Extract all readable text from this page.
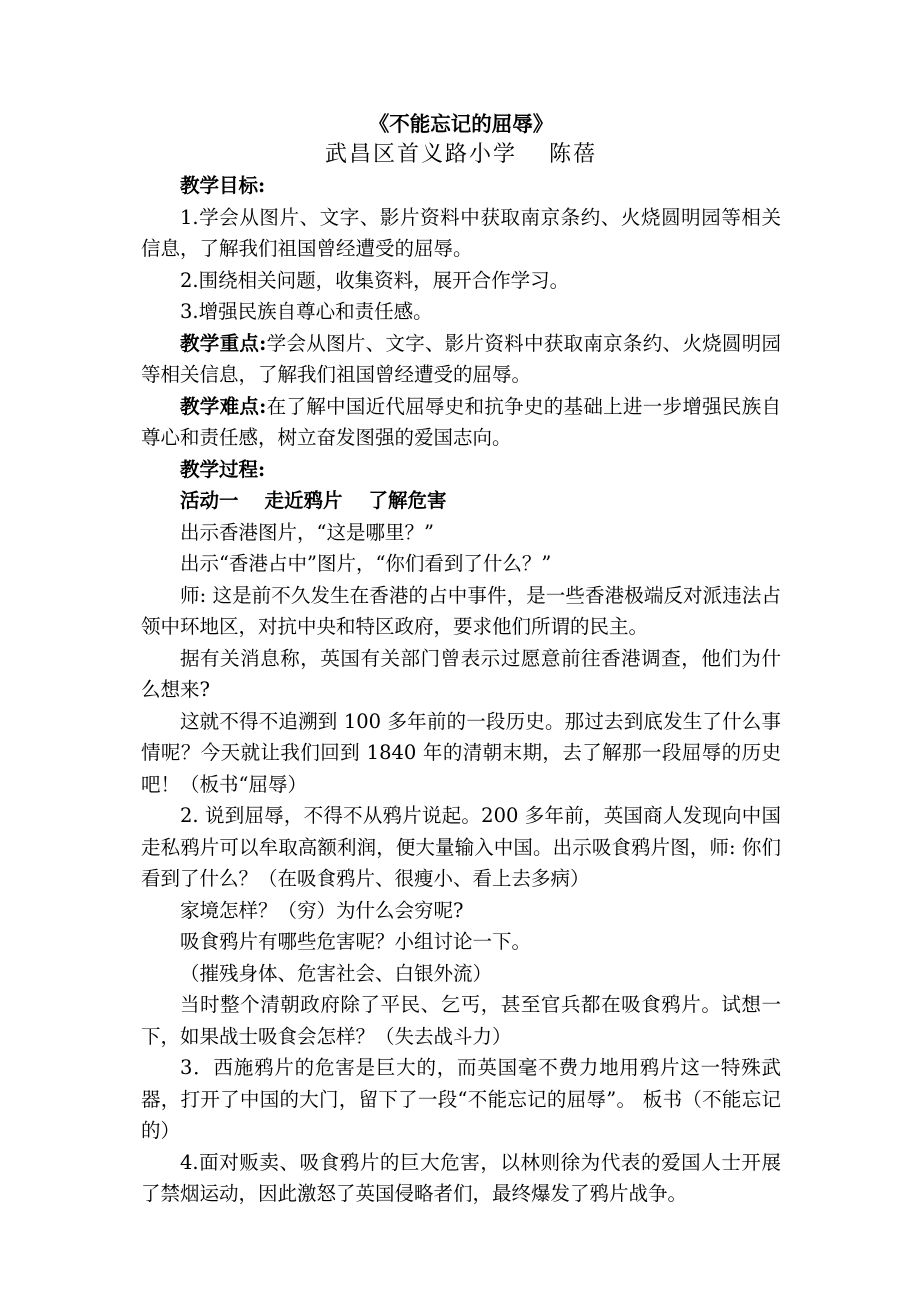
《不能忘记的屈辱》
武昌区首义路小学 陈蓓

教学目标:

1.学会从图片、文字、影片资料中获取南京条约、火烧圆明园等相关信息，了解我们祖国曾经遭受的屈辱。

2.围绕相关问题，收集资料，展开合作学习。

3.增强民族自尊心和责任感。

教学重点:学会从图片、文字、影片资料中获取南京条约、火烧圆明园等相关信息，了解我们祖国曾经遭受的屈辱。

教学难点:在了解中国近代屈辱史和抗争史的基础上进一步增强民族自尊心和责任感，树立奋发图强的爱国志向。

教学过程:

活动一 走近鸦片 了解危害

出示香港图片，“这是哪里？”

出示“香港占中”图片，“你们看到了什么？”

师: 这是前不久发生在香港的占中事件，是一些香港极端反对派违法占领中环地区，对抗中央和特区政府，要求他们所谓的民主。

据有关消息称，英国有关部门曾表示过愿意前往香港调查，他们为什么想来?

这就不得不追溯到 100 多年前的一段历史。那过去到底发生了什么事情呢？今天就让我们回到 1840 年的清朝末期，去了解那一段屈辱的历史吧！（板书“屈辱）

2. 说到屈辱，不得不从鸦片说起。200 多年前，英国商人发现向中国走私鸦片可以牟取高额利润，便大量输入中国。出示吸食鸦片图，师: 你们看到了什么？（在吸食鸦片、很瘦小、看上去多病）

家境怎样？（穷）为什么会穷呢?

吸食鸦片有哪些危害呢？小组讨论一下。

（摧残身体、危害社会、白银外流）

当时整个清朝政府除了平民、乞丐，甚至官兵都在吸食鸦片。试想一下，如果战士吸食会怎样？（失去战斗力）

3．西施鸦片的危害是巨大的，而英国毫不费力地用鸦片这一特殊武器，打开了中国的大门，留下了一段“不能忘记的屈辱”。 板书（不能忘记的）

4.面对贩卖、吸食鸦片的巨大危害，以林则徐为代表的爱国人士开展了禁烟运动，因此激怒了英国侵略者们，最终爆发了鸦片战争。
